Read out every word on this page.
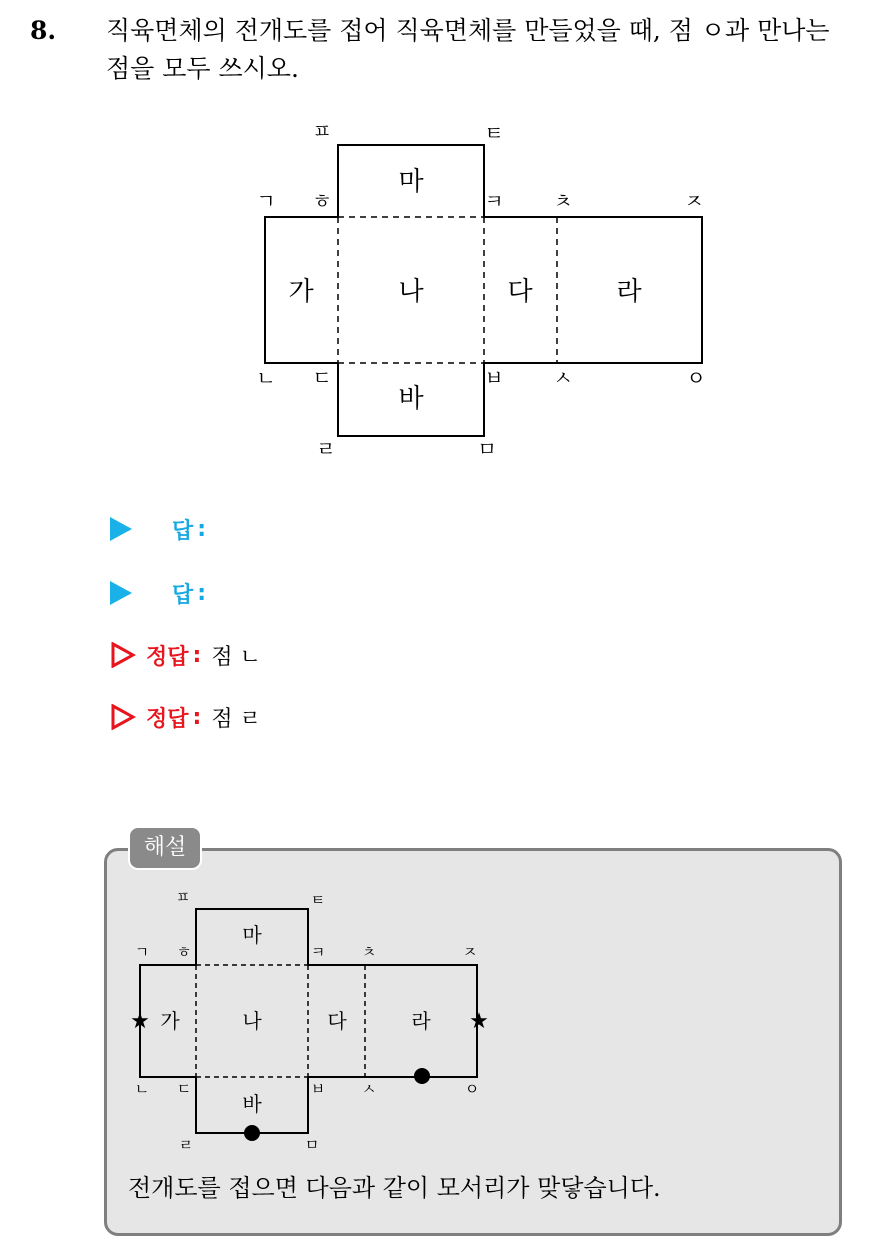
8. 직육면체의 전개도를 접어 직육면체를 만들었을 때, 점 ㅇ과 만나는
점을 모두 쓰시오.
마
가	나	다	라
바
ㅍ	ㅌ
ㄱ ㅎ	ㅋ ㅊ	ㅈ
ㄴ ㄷ	ㅂ ㅅ	ㅇ
ㄹ	ㅁ
답 :
답 :
정답 : 점 ㄴ
정답 : 점 ㄹ
해설
마
가	나	다	라
바
ㅍ	ㅌ
ㄱ ㅎ	ㅋ ㅊ	ㅈ
ㄴ ㄷ	ㅂ ㅅ	ㅇ
ㄹ	ㅁ
★	★
전개도를 접으면 다음과 같이 모서리가 맞닿습니다.
